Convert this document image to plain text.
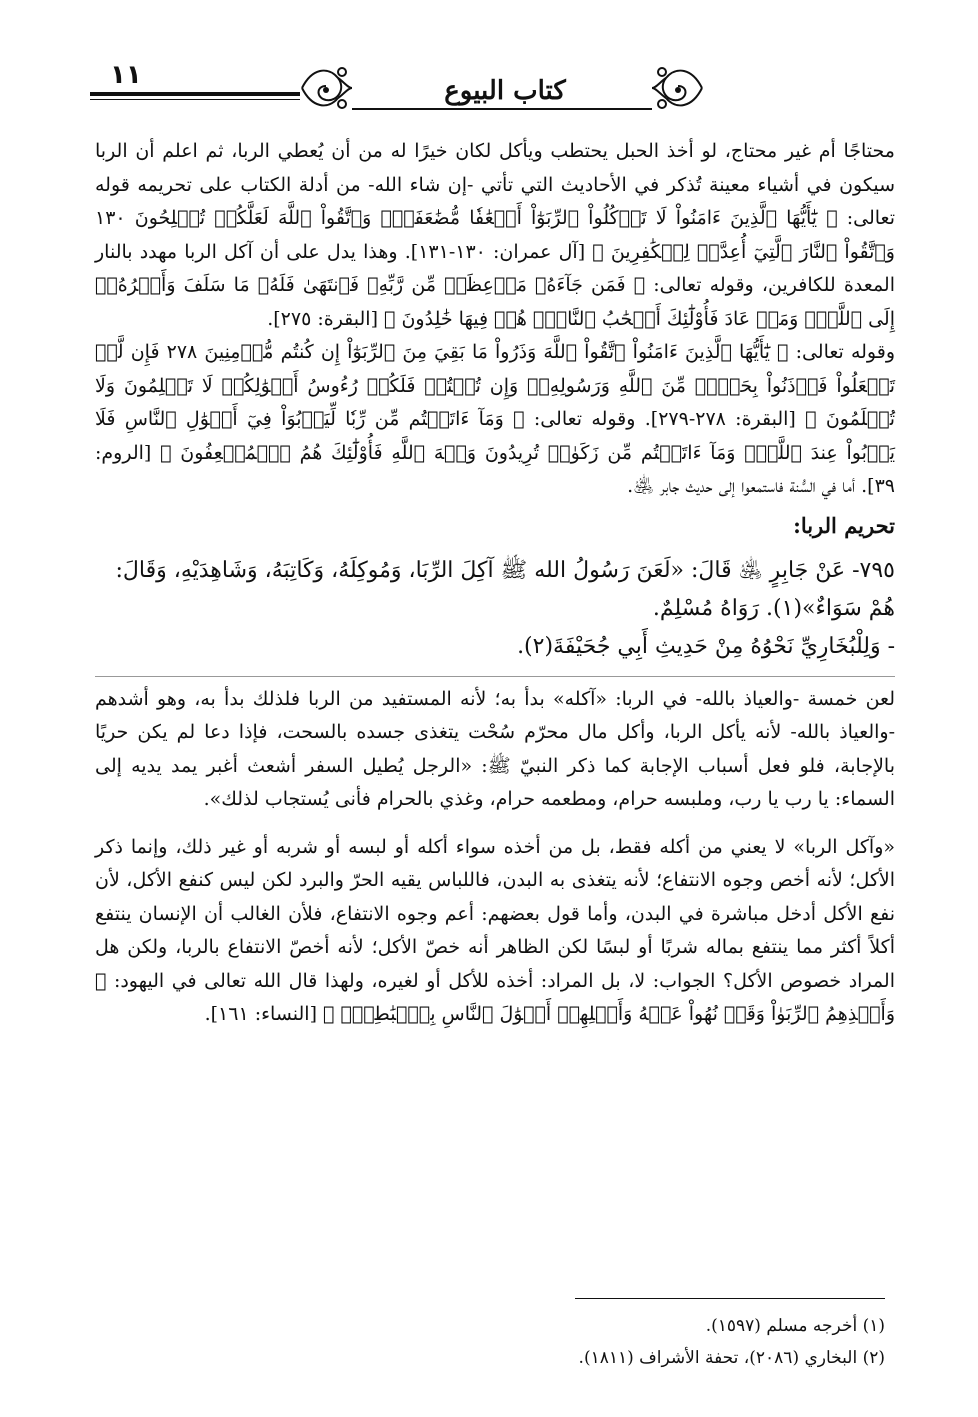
١١
كتاب البيوع

محتاجًا أم غير محتاج، لو أخذ الحبل يحتطب ويأكل لكان خيرًا له من أن يُعطي الربا، ثم اعلم أن الربا سيكون في أشياء معينة تُذكر في الأحاديث التي تأتي -إن شاء الله- من أدلة الكتاب على تحريمه قوله تعالى: ﴿ يَٰٓأَيُّهَا ٱلَّذِينَ ءَامَنُواْ لَا تَأۡكُلُواْ ٱلرِّبَوٰٓاْ أَضۡعَٰفٗا مُّضَٰعَفَةٗۖ وَٱتَّقُواْ ٱللَّهَ لَعَلَّكُمۡ تُفۡلِحُونَ ١٣٠ وَٱتَّقُواْ ٱلنَّارَ ٱلَّتِيٓ أُعِدَّتۡ لِلۡكَٰفِرِينَ ﴾ [آل عمران: ١٣٠-١٣١]. وهذا يدل على أن آكل الربا مهدد بالنار المعدة للكافرين، وقوله تعالى: ﴿ فَمَن جَآءَهُۥ مَوۡعِظَةٞ مِّن رَّبِّهِۦ فَٱنتَهَىٰ فَلَهُۥ مَا سَلَفَ وَأَمۡرُهُۥٓ إِلَى ٱللَّهِۖ وَمَنۡ عَادَ فَأُوْلَٰٓئِكَ أَصۡحَٰبُ ٱلنَّارِۖ هُمۡ فِيهَا خَٰلِدُونَ ﴾ [البقرة: ٢٧٥].

وقوله تعالى: ﴿ يَٰٓأَيُّهَا ٱلَّذِينَ ءَامَنُواْ ٱتَّقُواْ ٱللَّهَ وَذَرُواْ مَا بَقِيَ مِنَ ٱلرِّبَوٰٓاْ إِن كُنتُم مُّؤۡمِنِينَ ٢٧٨ فَإِن لَّمۡ تَفۡعَلُواْ فَأۡذَنُواْ بِحَرۡبٖ مِّنَ ٱللَّهِ وَرَسُولِهِۦۖ وَإِن تُبۡتُمۡ فَلَكُمۡ رُءُوسُ أَمۡوَٰلِكُمۡ لَا تَظۡلِمُونَ وَلَا تُظۡلَمُونَ ﴾ [البقرة: ٢٧٨-٢٧٩]. وقوله تعالى: ﴿ وَمَآ ءَاتَيۡتُم مِّن رِّبٗا لِّيَرۡبُوَاْ فِيٓ أَمۡوَٰلِ ٱلنَّاسِ فَلَا يَرۡبُواْ عِندَ ٱللَّهِۖ وَمَآ ءَاتَيۡتُم مِّن زَكَوٰةٖ تُرِيدُونَ وَجۡهَ ٱللَّهِ فَأُوْلَٰٓئِكَ هُمُ ٱلۡمُضۡعِفُونَ ﴾ [الروم: ٣٩]. أما في السُّنة فاستمعوا إلى حديث جابر ﵁.

تحريم الربا:

٧٩٥- عَنْ جَابِرٍ ﵁ قَالَ: «لَعَنَ رَسُولُ الله ﷺ آكِلَ الرِّبَا، وَمُوكِلَهُ، وَكَاتِبَهُ، وَشَاهِدَيْهِ، وَقَالَ: هُمْ سَوَاءٌ»(١). رَوَاهُ مُسْلِمٌ.

- وَلِلْبُخَارِيِّ نَحْوُهُ مِنْ حَدِيثِ أَبِي جُحَيْفَةَ(٢).

لعن خمسة -والعياذ بالله- في الربا: «آكله» بدأ به؛ لأنه المستفيد من الربا فلذلك بدأ به، وهو أشدهم -والعياذ بالله- لأنه يأكل الربا، وأكل مال محرّم سُحْت يتغذى جسده بالسحت، فإذا دعا لم يكن حريًا بالإجابة، فلو فعل أسباب الإجابة كما ذكر النبيّ ﷺ: «الرجل يُطيل السفر أشعث أغبر يمد يديه إلى السماء: يا رب يا رب، وملبسه حرام، ومطعمه حرام، وغذي بالحرام فأنى يُستجاب لذلك».

«وآكل الربا» لا يعني من أكله فقط، بل من أخذه سواء أكله أو لبسه أو شربه أو غير ذلك، وإنما ذكر الأكل؛ لأنه أخص وجوه الانتفاع؛ لأنه يتغذى به البدن، فاللباس يقيه الحرّ والبرد لكن ليس كنفع الأكل، لأن نفع الأكل أدخل مباشرة في البدن، وأما قول بعضهم: أعم وجوه الانتفاع، فلأن الغالب أن الإنسان ينتفع أكلاً أكثر مما ينتفع بماله شربًا أو لبسًا لكن الظاهر أنه خصّ الأكل؛ لأنه أخصّ الانتفاع بالربا، ولكن هل المراد خصوص الأكل؟ الجواب: لا، بل المراد: أخذه للأكل أو لغيره، ولهذا قال الله تعالى في اليهود: ﴿ وَأَخۡذِهِمُ ٱلرِّبَوٰاْ وَقَدۡ نُهُواْ عَنۡهُ وَأَكۡلِهِمۡ أَمۡوَٰلَ ٱلنَّاسِ بِٱلۡبَٰطِلِۚ ﴾ [النساء: ١٦١].

(١) أخرجه مسلم (١٥٩٧).

(٢) البخاري (٢٠٨٦)، تحفة الأشراف (١٨١١).
